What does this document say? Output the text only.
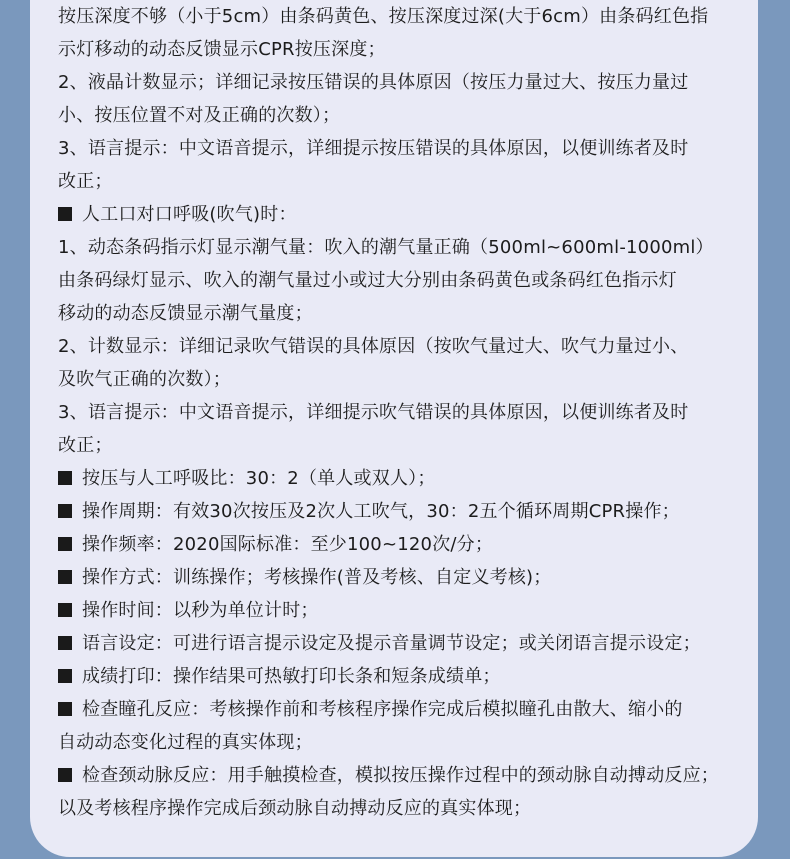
按压深度不够（小于5cm）由条码黄色、按压深度过深(大于6cm）由条码红色指
示灯移动的动态反馈显示CPR按压深度；
2、液晶计数显示；详细记录按压错误的具体原因（按压力量过大、按压力量过
小、按压位置不对及正确的次数）；
3、语言提示：中文语音提示，详细提示按压错误的具体原因，以便训练者及时
改正；
人工口对口呼吸(吹气)时：
1、动态条码指示灯显示潮气量：吹入的潮气量正确（500ml~600ml-1000ml）
由条码绿灯显示、吹入的潮气量过小或过大分别由条码黄色或条码红色指示灯
移动的动态反馈显示潮气量度；
2、计数显示：详细记录吹气错误的具体原因（按吹气量过大、吹气力量过小、
及吹气正确的次数）；
3、语言提示：中文语音提示，详细提示吹气错误的具体原因，以便训练者及时
改正；
按压与人工呼吸比：30：2（单人或双人）；
操作周期：有效30次按压及2次人工吹气，30：2五个循环周期CPR操作；
操作频率：2020国际标准：至少100~120次/分；
操作方式：训练操作；考核操作(普及考核、自定义考核)；
操作时间：以秒为单位计时；
语言设定：可进行语言提示设定及提示音量调节设定；或关闭语言提示设定；
成绩打印：操作结果可热敏打印长条和短条成绩单；
检查瞳孔反应：考核操作前和考核程序操作完成后模拟瞳孔由散大、缩小的
自动动态变化过程的真实体现；
检查颈动脉反应：用手触摸检查，模拟按压操作过程中的颈动脉自动搏动反应；
以及考核程序操作完成后颈动脉自动搏动反应的真实体现；
